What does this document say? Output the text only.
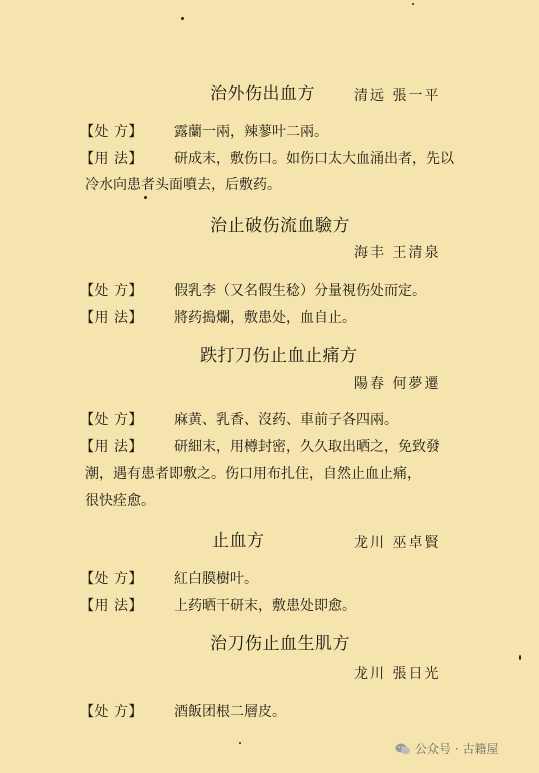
治外伤出血方	清远 張一平
【处 方】	露蘭一兩，辣蓼叶二兩。
【用 法】	研成末，敷伤口。如伤口太大血涌出者，先以
冷水向患者头面噴去，后敷药。
治止破伤流血驗方
海丰 王清泉
【处 方】	假乳李（又名假生稔）分量視伤处而定。
【用 法】	將药搗爛，敷患处，血自止。
跌打刀伤止血止痛方
陽春 何夢遷
【处 方】	麻黄、乳香、沒药、車前子各四兩。
【用 法】	研細末，用樽封密，久久取出晒之，免致發
潮，遇有患者即敷之。伤口用布扎住，自然止血止痛，
很快痊愈。
止血方	龙川 巫卓賢
【处 方】	紅白膜樹叶。
【用 法】	上药晒干研末，敷患处即愈。
治刀伤止血生肌方
龙川 張日光
【处 方】	酒飯团根二層皮。
公众号 · 古籍屋
